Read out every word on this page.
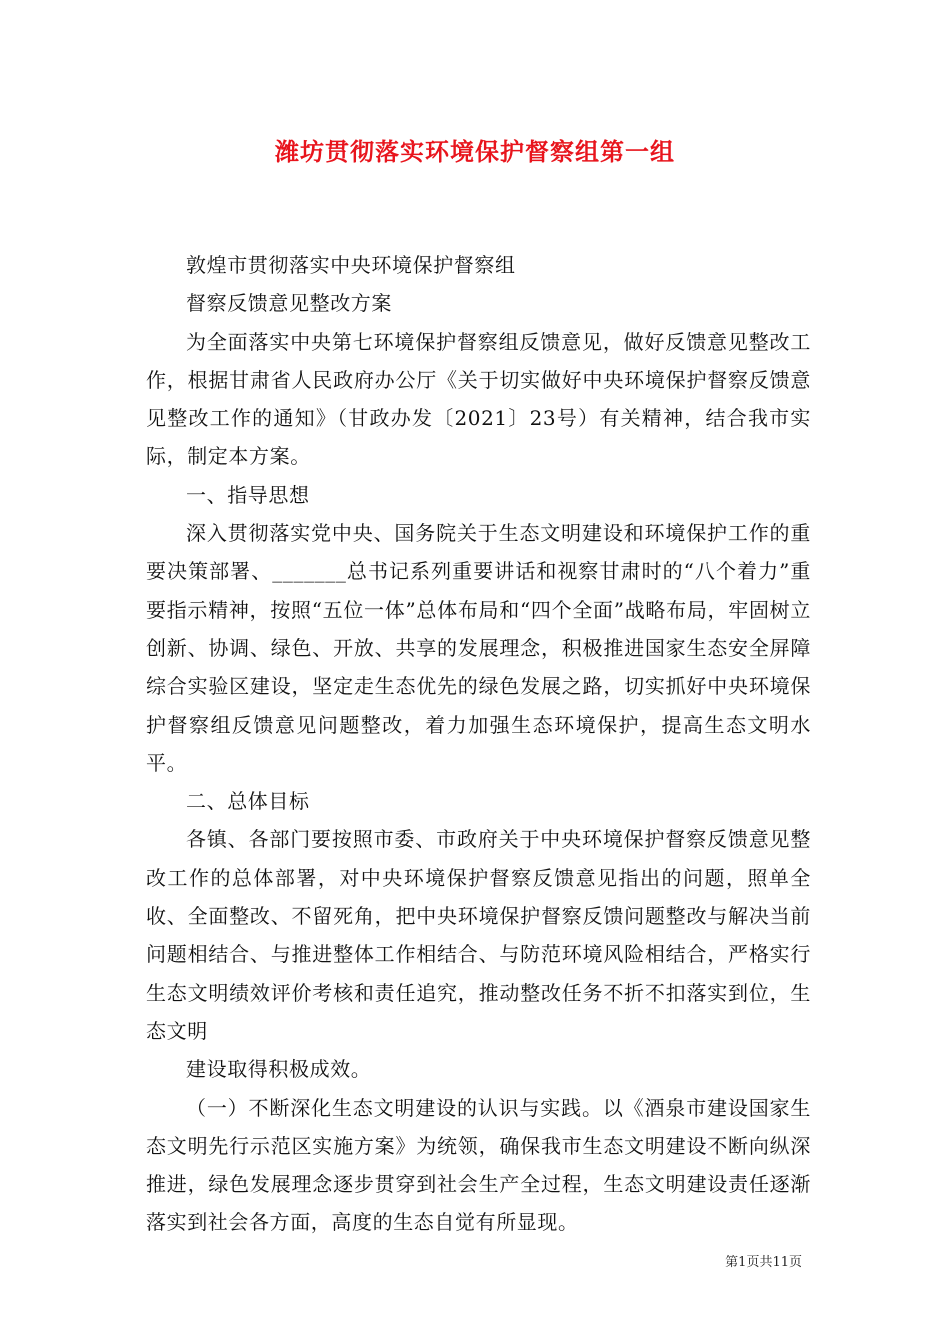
潍坊贯彻落实环境保护督察组第一组

敦煌市贯彻落实中央环境保护督察组

督察反馈意见整改方案

为全面落实中央第七环境保护督察组反馈意见，做好反馈意见整改工作，根据甘肃省人民政府办公厅《关于切实做好中央环境保护督察反馈意见整改工作的通知》（甘政办发〔2021〕23号）有关精神，结合我市实际，制定本方案。

一、指导思想

深入贯彻落实党中央、国务院关于生态文明建设和环境保护工作的重要决策部署、_______总书记系列重要讲话和视察甘肃时的“八个着力”重要指示精神，按照“五位一体”总体布局和“四个全面”战略布局，牢固树立创新、协调、绿色、开放、共享的发展理念，积极推进国家生态安全屏障综合实验区建设，坚定走生态优先的绿色发展之路，切实抓好中央环境保护督察组反馈意见问题整改，着力加强生态环境保护，提高生态文明水平。

二、总体目标

各镇、各部门要按照市委、市政府关于中央环境保护督察反馈意见整改工作的总体部署，对中央环境保护督察反馈意见指出的问题，照单全收、全面整改、不留死角，把中央环境保护督察反馈问题整改与解决当前问题相结合、与推进整体工作相结合、与防范环境风险相结合，严格实行生态文明绩效评价考核和责任追究，推动整改任务不折不扣落实到位，生态文明

建设取得积极成效。

（一）不断深化生态文明建设的认识与实践。以《酒泉市建设国家生态文明先行示范区实施方案》为统领，确保我市生态文明建设不断向纵深推进，绿色发展理念逐步贯穿到社会生产全过程，生态文明建设责任逐渐落实到社会各方面，高度的生态自觉有所显现。

第1页共11页
